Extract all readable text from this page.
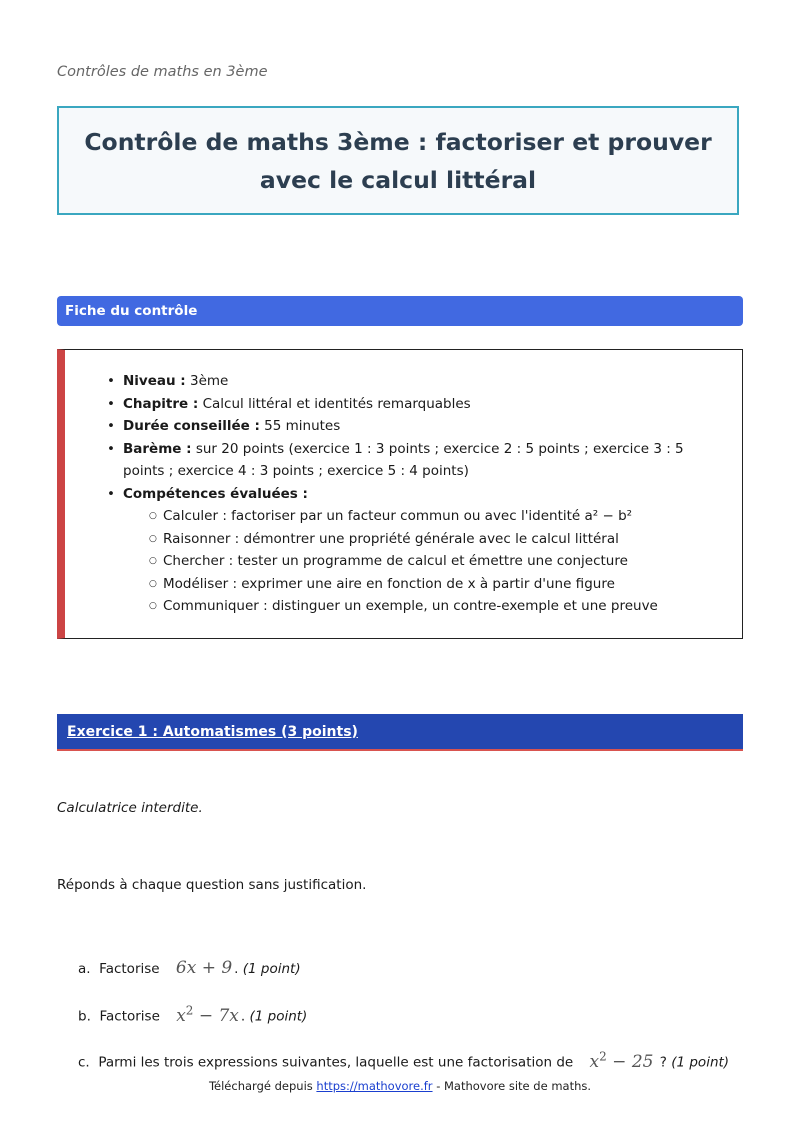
Contrôles de maths en 3ème
Contrôle de maths 3ème : factoriser et prouver avec le calcul littéral
Fiche du contrôle
• Niveau : 3ème
• Chapitre : Calcul littéral et identités remarquables
• Durée conseillée : 55 minutes
• Barème : sur 20 points (exercice 1 : 3 points ; exercice 2 : 5 points ; exercice 3 : 5 points ; exercice 4 : 3 points ; exercice 5 : 4 points)
• Compétences évaluées :
○ Calculer : factoriser par un facteur commun ou avec l'identité a² − b²
○ Raisonner : démontrer une propriété générale avec le calcul littéral
○ Chercher : tester un programme de calcul et émettre une conjecture
○ Modéliser : exprimer une aire en fonction de x à partir d'une figure
○ Communiquer : distinguer un exemple, un contre-exemple et une preuve
Exercice 1 : Automatismes (3 points)
Calculatrice interdite.
Réponds à chaque question sans justification.
a. Factorise 6x + 9 . (1 point)
b. Factorise $x^2 - 7x$ . (1 point)
c. Parmi les trois expressions suivantes, laquelle est une factorisation de $x^2 - 25$ ? (1 point)
Téléchargé depuis https://mathovore.fr - Mathovore site de maths.
